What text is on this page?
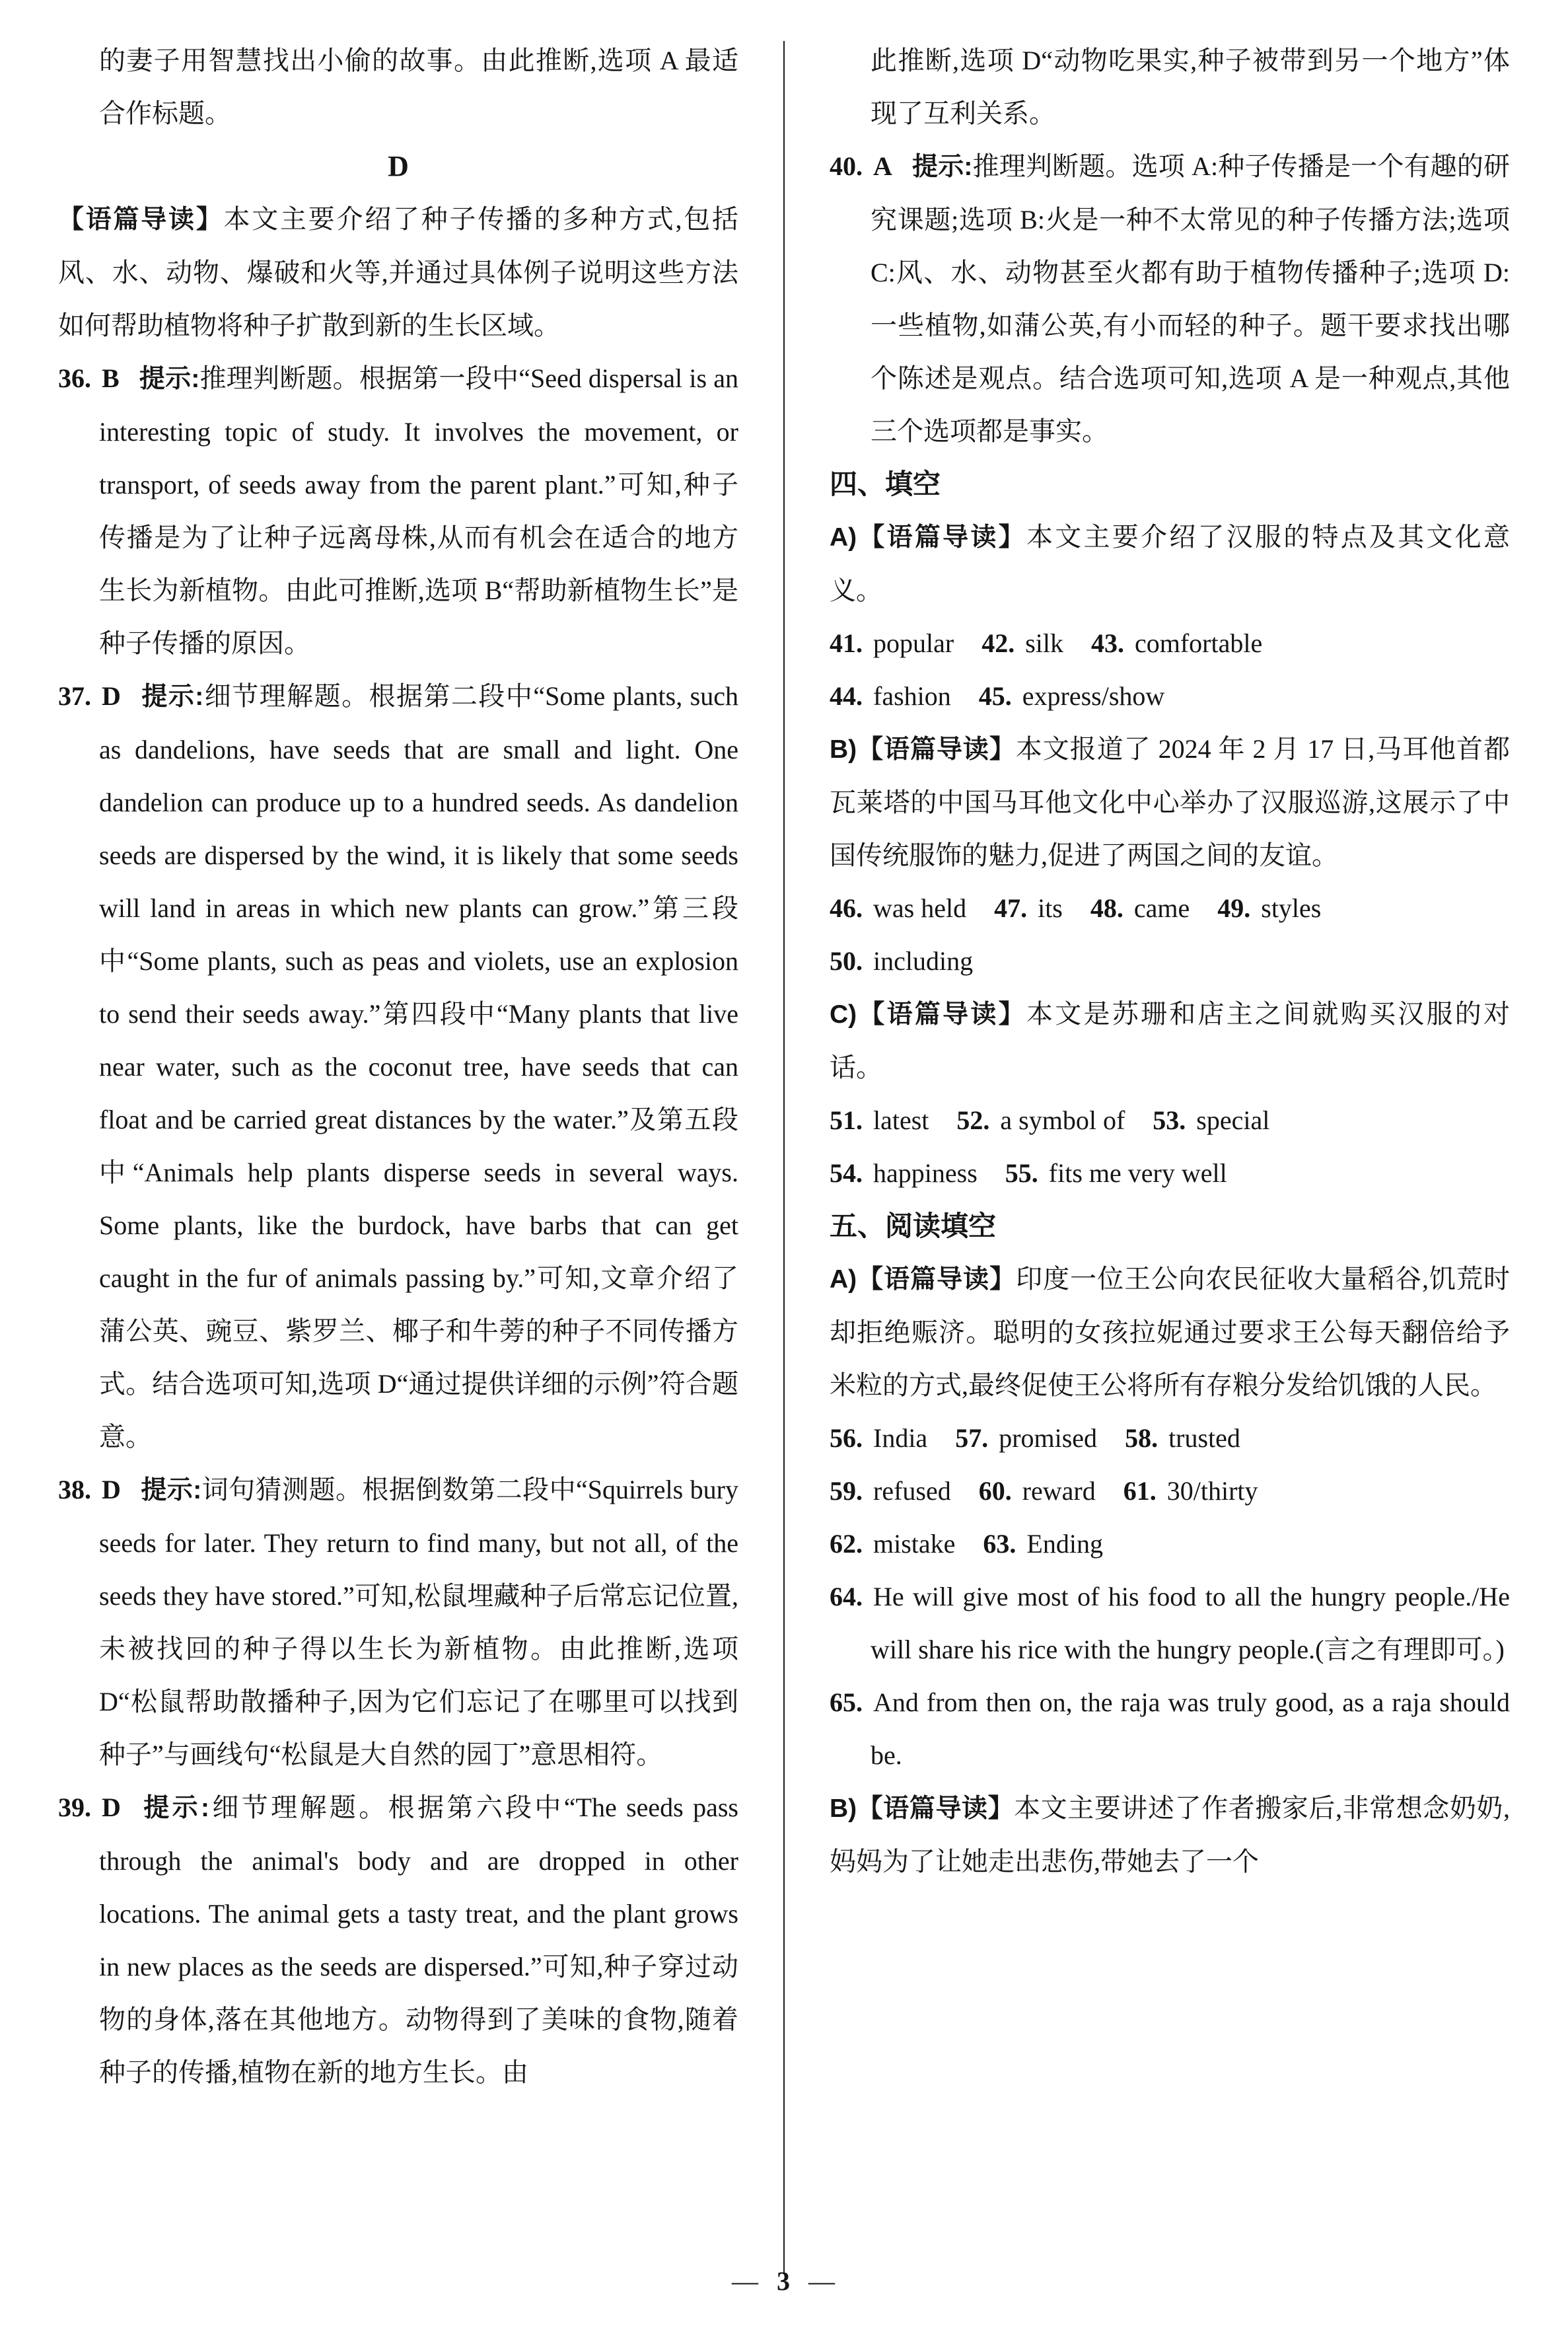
的妻子用智慧找出小偷的故事。由此推断,选项 A 最适合作标题。
D
【语篇导读】本文主要介绍了种子传播的多种方式,包括风、水、动物、爆破和火等,并通过具体例子说明这些方法如何帮助植物将种子扩散到新的生长区域。
36. B 提示:推理判断题。根据第一段中“Seed dispersal is an interesting topic of study. It involves the movement, or transport, of seeds away from the parent plant.”可知,种子传播是为了让种子远离母株,从而有机会在适合的地方生长为新植物。由此可推断,选项 B“帮助新植物生长”是种子传播的原因。
37. D 提示:细节理解题。根据第二段中“Some plants, such as dandelions, have seeds that are small and light. One dandelion can produce up to a hundred seeds. As dandelion seeds are dispersed by the wind, it is likely that some seeds will land in areas in which new plants can grow.”第三段中“Some plants, such as peas and violets, use an explosion to send their seeds away.”第四段中“Many plants that live near water, such as the coconut tree, have seeds that can float and be carried great distances by the water.”及第五段中“Animals help plants disperse seeds in several ways. Some plants, like the burdock, have barbs that can get caught in the fur of animals passing by.”可知,文章介绍了蒲公英、豌豆、紫罗兰、椰子和牛蒡的种子不同传播方式。结合选项可知,选项 D“通过提供详细的示例”符合题意。
38. D 提示:词句猜测题。根据倒数第二段中“Squirrels bury seeds for later. They return to find many, but not all, of the seeds they have stored.”可知,松鼠埋藏种子后常忘记位置,未被找回的种子得以生长为新植物。由此推断,选项 D“松鼠帮助散播种子,因为它们忘记了在哪里可以找到种子”与画线句“松鼠是大自然的园丁”意思相符。
39. D 提示:细节理解题。根据第六段中“The seeds pass through the animal's body and are dropped in other locations. The animal gets a tasty treat, and the plant grows in new places as the seeds are dispersed.”可知,种子穿过动物的身体,落在其他地方。动物得到了美味的食物,随着种子的传播,植物在新的地方生长。由
此推断,选项 D“动物吃果实,种子被带到另一个地方”体现了互利关系。
40. A 提示:推理判断题。选项 A:种子传播是一个有趣的研究课题;选项 B:火是一种不太常见的种子传播方法;选项 C:风、水、动物甚至火都有助于植物传播种子;选项 D:一些植物,如蒲公英,有小而轻的种子。题干要求找出哪个陈述是观点。结合选项可知,选项 A 是一种观点,其他三个选项都是事实。
四、填空
A)【语篇导读】本文主要介绍了汉服的特点及其文化意义。
41. popular 42. silk 43. comfortable
44. fashion 45. express/show
B)【语篇导读】本文报道了 2024 年 2 月 17 日,马耳他首都瓦莱塔的中国马耳他文化中心举办了汉服巡游,这展示了中国传统服饰的魅力,促进了两国之间的友谊。
46. was held 47. its 48. came 49. styles
50. including
C)【语篇导读】本文是苏珊和店主之间就购买汉服的对话。
51. latest 52. a symbol of 53. special
54. happiness 55. fits me very well
五、阅读填空
A)【语篇导读】印度一位王公向农民征收大量稻谷,饥荒时却拒绝赈济。聪明的女孩拉妮通过要求王公每天翻倍给予米粒的方式,最终促使王公将所有存粮分发给饥饿的人民。
56. India 57. promised 58. trusted
59. refused 60. reward 61. 30/thirty
62. mistake 63. Ending
64. He will give most of his food to all the hungry people./He will share his rice with the hungry people.(言之有理即可。)
65. And from then on, the raja was truly good, as a raja should be.
B)【语篇导读】本文主要讲述了作者搬家后,非常想念奶奶,妈妈为了让她走出悲伤,带她去了一个
— 3 —
